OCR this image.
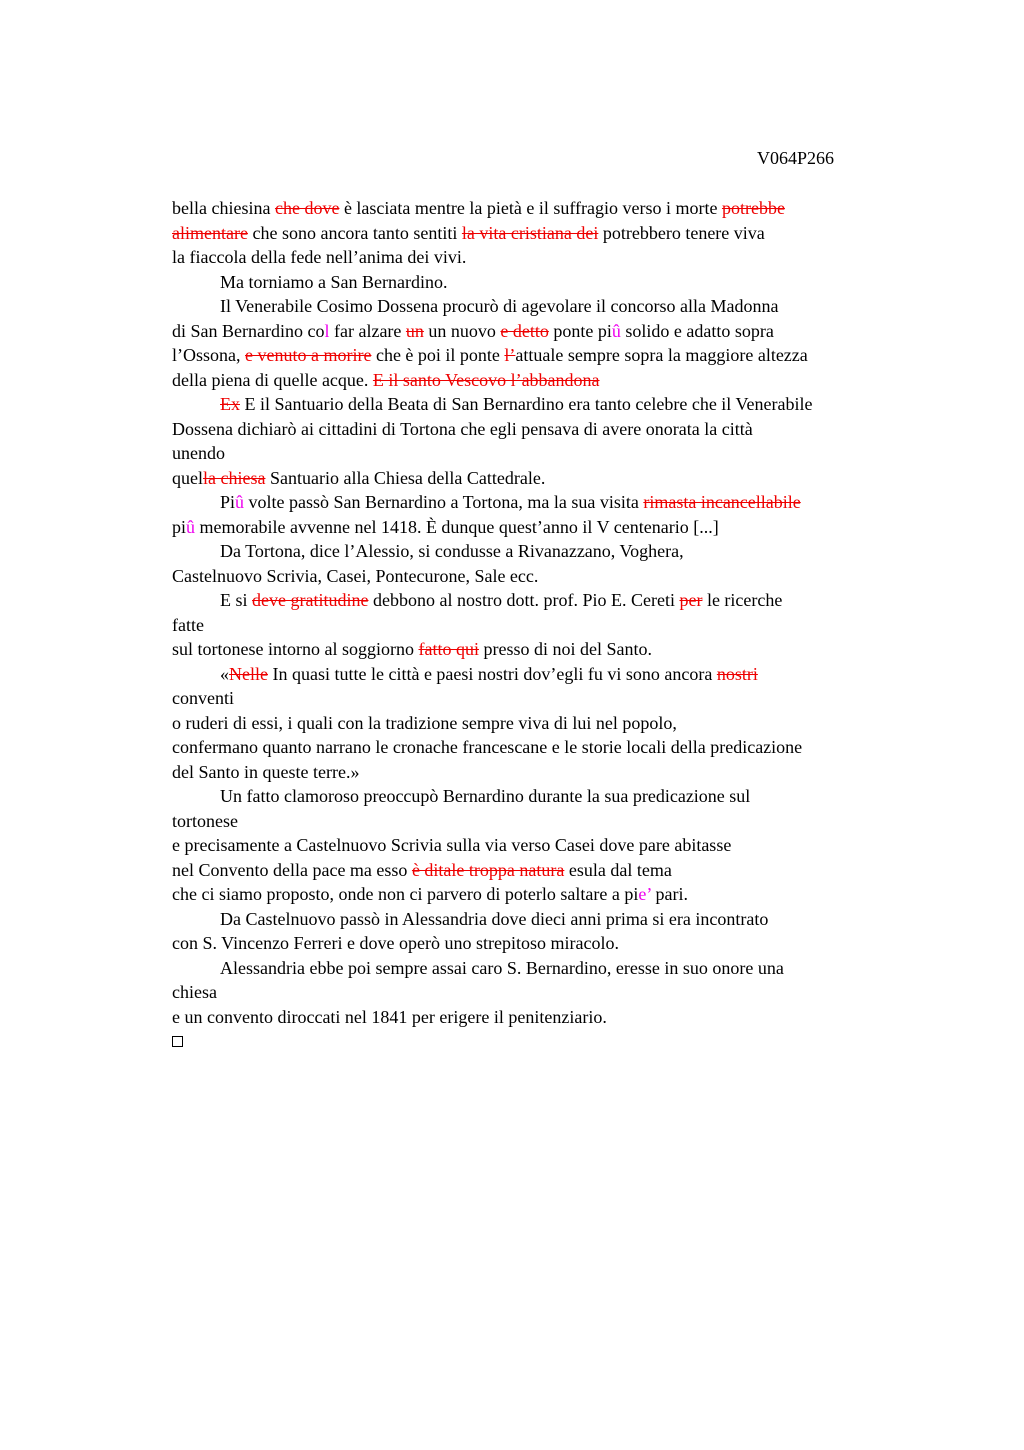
V064P266
bella chiesina che dove è lasciata mentre la pietà e il suffragio verso i morte potrebbe
alimentare che sono ancora tanto sentiti la vita cristiana dei potrebbero tenere viva
la fiaccola della fede nell’anima dei vivi.
Ma torniamo a San Bernardino.
Il Venerabile Cosimo Dossena procurò di agevolare il concorso alla Madonna
di San Bernardino col far alzare un un nuovo e detto ponte piû solido e adatto sopra
l’Ossona, e venuto a morire che è poi il ponte l’attuale sempre sopra la maggiore altezza
della piena di quelle acque. E il santo Vescovo l’abbandona
Ex E il Santuario della Beata di San Bernardino era tanto celebre che il Venerabile
Dossena dichiarò ai cittadini di Tortona che egli pensava di avere onorata la città
unendo
quella chiesa Santuario alla Chiesa della Cattedrale.
Piû volte passò San Bernardino a Tortona, ma la sua visita rimasta incancellabile
piû memorabile avvenne nel 1418. È dunque quest’anno il V centenario [...]
Da Tortona, dice l’Alessio, si condusse a Rivanazzano, Voghera,
Castelnuovo Scrivia, Casei, Pontecurone, Sale ecc.
E si deve gratitudine debbono al nostro dott. prof. Pio E. Cereti per le ricerche
fatte
sul tortonese intorno al soggiorno fatto qui presso di noi del Santo.
«Nelle In quasi tutte le città e paesi nostri dov’egli fu vi sono ancora nostri
conventi
o ruderi di essi, i quali con la tradizione sempre viva di lui nel popolo,
confermano quanto narrano le cronache francescane e le storie locali della predicazione
del Santo in queste terre.»
Un fatto clamoroso preoccupò Bernardino durante la sua predicazione sul
tortonese
e precisamente a Castelnuovo Scrivia sulla via verso Casei dove pare abitasse
nel Convento della pace ma esso è ditale troppa natura esula dal tema
che ci siamo proposto, onde non ci parvero di poterlo saltare a pie’ pari.
Da Castelnuovo passò in Alessandria dove dieci anni prima si era incontrato
con S. Vincenzo Ferreri e dove operò uno strepitoso miracolo.
Alessandria ebbe poi sempre assai caro S. Bernardino, eresse in suo onore una
chiesa
e un convento diroccati nel 1841 per erigere il penitenziario.
